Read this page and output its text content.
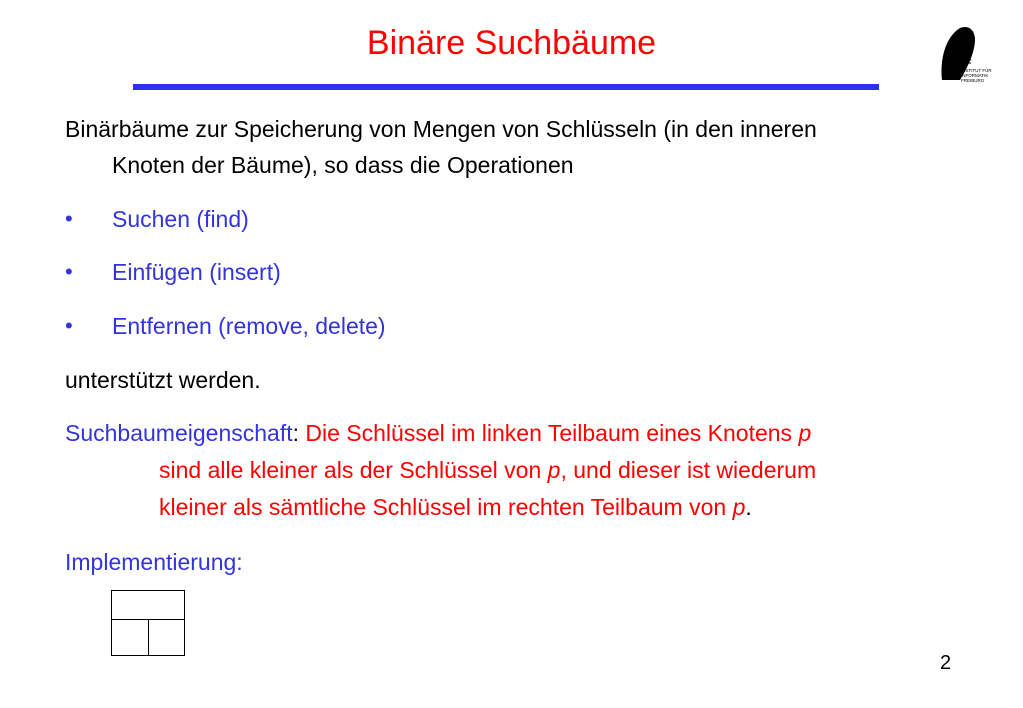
Binäre Suchbäume
IIF
INSTITUT FÜR
INFORMATIK
FREIBURG
Binärbäume zur Speicherung von Mengen von Schlüsseln (in den inneren
Knoten der Bäume), so dass die Operationen
• Suchen (find)
• Einfügen (insert)
• Entfernen (remove, delete)
unterstützt werden.
Suchbaumeigenschaft: Die Schlüssel im linken Teilbaum eines Knotens p
sind alle kleiner als der Schlüssel von p, und dieser ist wiederum
kleiner als sämtliche Schlüssel im rechten Teilbaum von p.
Implementierung:
2
